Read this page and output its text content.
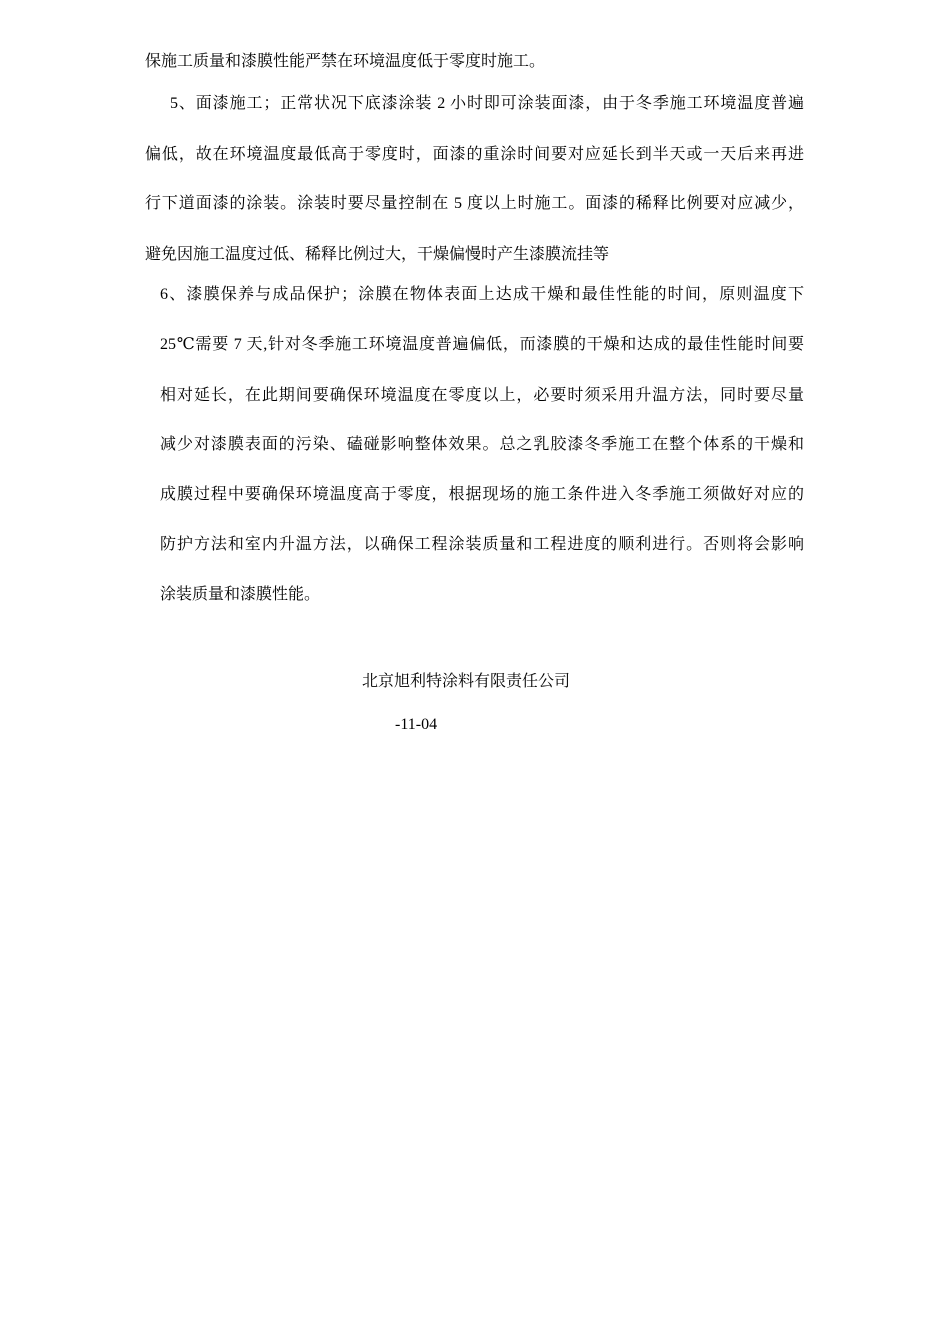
保施工质量和漆膜性能严禁在环境温度低于零度时施工。
5、面漆施工；正常状况下底漆涂装 2 小时即可涂装面漆，由于冬季施工环境温度普遍
偏低，故在环境温度最低高于零度时，面漆的重涂时间要对应延长到半天或一天后来再进
行下道面漆的涂装。涂装时要尽量控制在 5 度以上时施工。面漆的稀释比例要对应减少，
避免因施工温度过低、稀释比例过大，干燥偏慢时产生漆膜流挂等
6、漆膜保养与成品保护；涂膜在物体表面上达成干燥和最佳性能的时间，原则温度下
25℃需要 7 天,针对冬季施工环境温度普遍偏低，而漆膜的干燥和达成的最佳性能时间要
相对延长，在此期间要确保环境温度在零度以上，必要时须采用升温方法，同时要尽量
减少对漆膜表面的污染、磕碰影响整体效果。总之乳胶漆冬季施工在整个体系的干燥和
成膜过程中要确保环境温度高于零度，根据现场的施工条件进入冬季施工须做好对应的
防护方法和室内升温方法，以确保工程涂装质量和工程进度的顺利进行。否则将会影响
涂装质量和漆膜性能。
北京旭利特涂料有限责任公司
-11-04
